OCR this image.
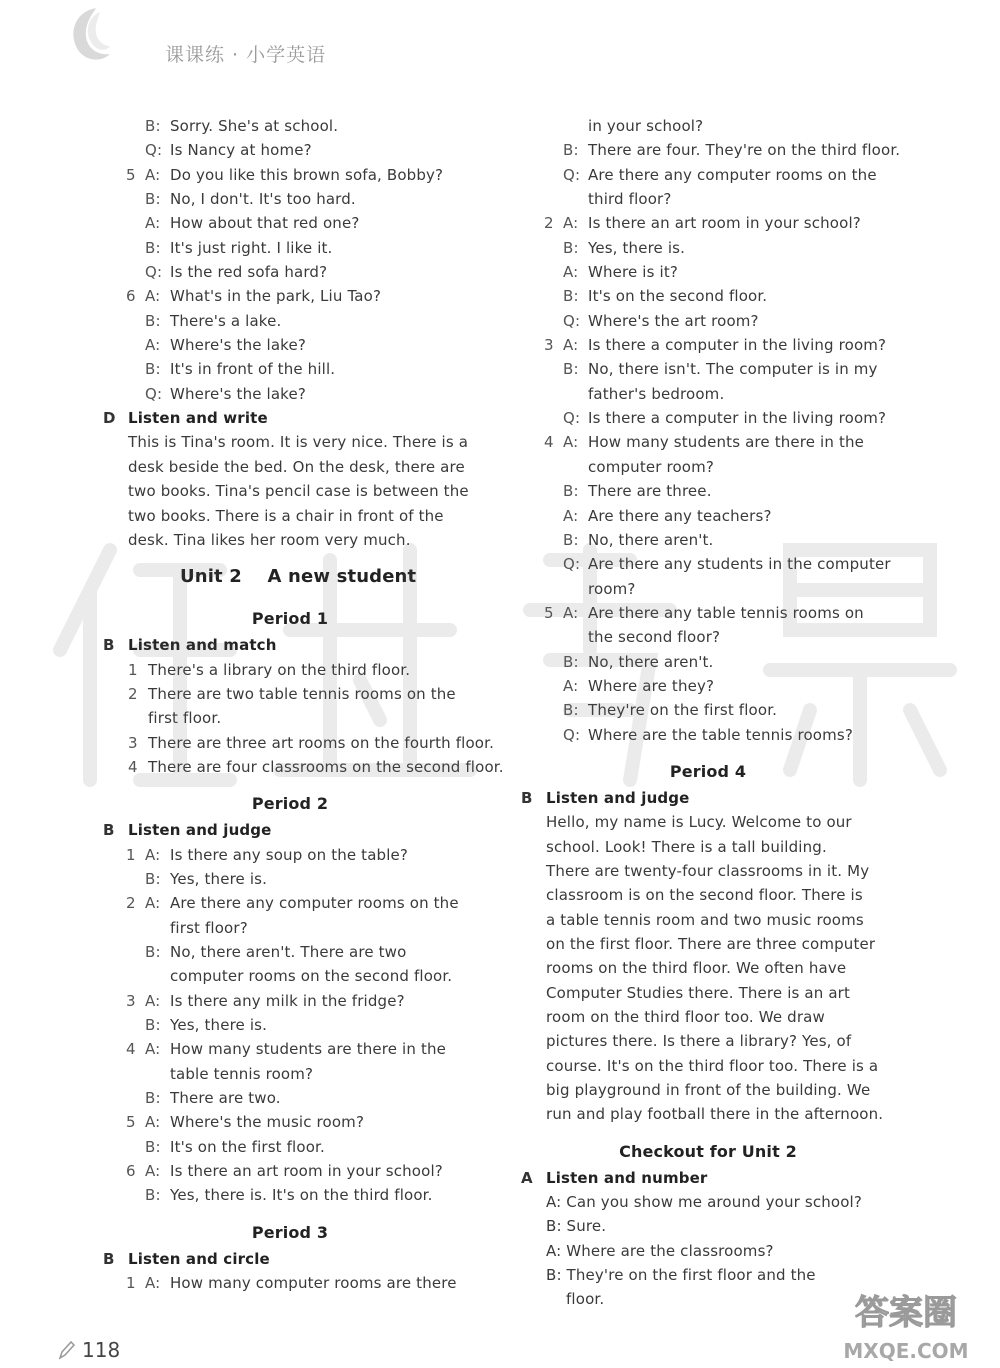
课课练 · 小学英语
B: Sorry. She's at school.
Q: Is Nancy at home?
5 A: Do you like this brown sofa, Bobby?
B: No, I don't. It's too hard.
A: How about that red one?
B: It's just right. I like it.
Q: Is the red sofa hard?
6 A: What's in the park, Liu Tao?
B: There's a lake.
A: Where's the lake?
B: It's in front of the hill.
Q: Where's the lake?
D Listen and write
This is Tina's room. It is very nice. There is a
desk beside the bed. On the desk, there are
two books. Tina's pencil case is between the
two books. There is a chair in front of the
desk. Tina likes her room very much.
Unit 2    A new student
Period 1
B Listen and match
1 There's a library on the third floor.
2 There are two table tennis rooms on the
first floor.
3 There are three art rooms on the fourth floor.
4 There are four classrooms on the second floor.
Period 2
B Listen and judge
1 A: Is there any soup on the table?
B: Yes, there is.
2 A: Are there any computer rooms on the
first floor?
B: No, there aren't. There are two
computer rooms on the second floor.
3 A: Is there any milk in the fridge?
B: Yes, there is.
4 A: How many students are there in the
table tennis room?
B: There are two.
5 A: Where's the music room?
B: It's on the first floor.
6 A: Is there an art room in your school?
B: Yes, there is. It's on the third floor.
Period 3
B Listen and circle
1 A: How many computer rooms are there
in your school?
B: There are four. They're on the third floor.
Q: Are there any computer rooms on the
third floor?
2 A: Is there an art room in your school?
B: Yes, there is.
A: Where is it?
B: It's on the second floor.
Q: Where's the art room?
3 A: Is there a computer in the living room?
B: No, there isn't. The computer is in my
father's bedroom.
Q: Is there a computer in the living room?
4 A: How many students are there in the
computer room?
B: There are three.
A: Are there any teachers?
B: No, there aren't.
Q: Are there any students in the computer
room?
5 A: Are there any table tennis rooms on
the second floor?
B: No, there aren't.
A: Where are they?
B: They're on the first floor.
Q: Where are the table tennis rooms?
Period 4
B Listen and judge
Hello, my name is Lucy. Welcome to our
school. Look! There is a tall building.
There are twenty-four classrooms in it. My
classroom is on the second floor. There is
a table tennis room and two music rooms
on the first floor. There are three computer
rooms on the third floor. We often have
Computer Studies there. There is an art
room on the third floor too. We draw
pictures there. Is there a library? Yes, of
course. It's on the third floor too. There is a
big playground in front of the building. We
run and play football there in the afternoon.
Checkout for Unit 2
A Listen and number
A: Can you show me around your school?
B: Sure.
A: Where are the classrooms?
B: They're on the first floor and the
floor.
118
答案圈
MXQE.COM
